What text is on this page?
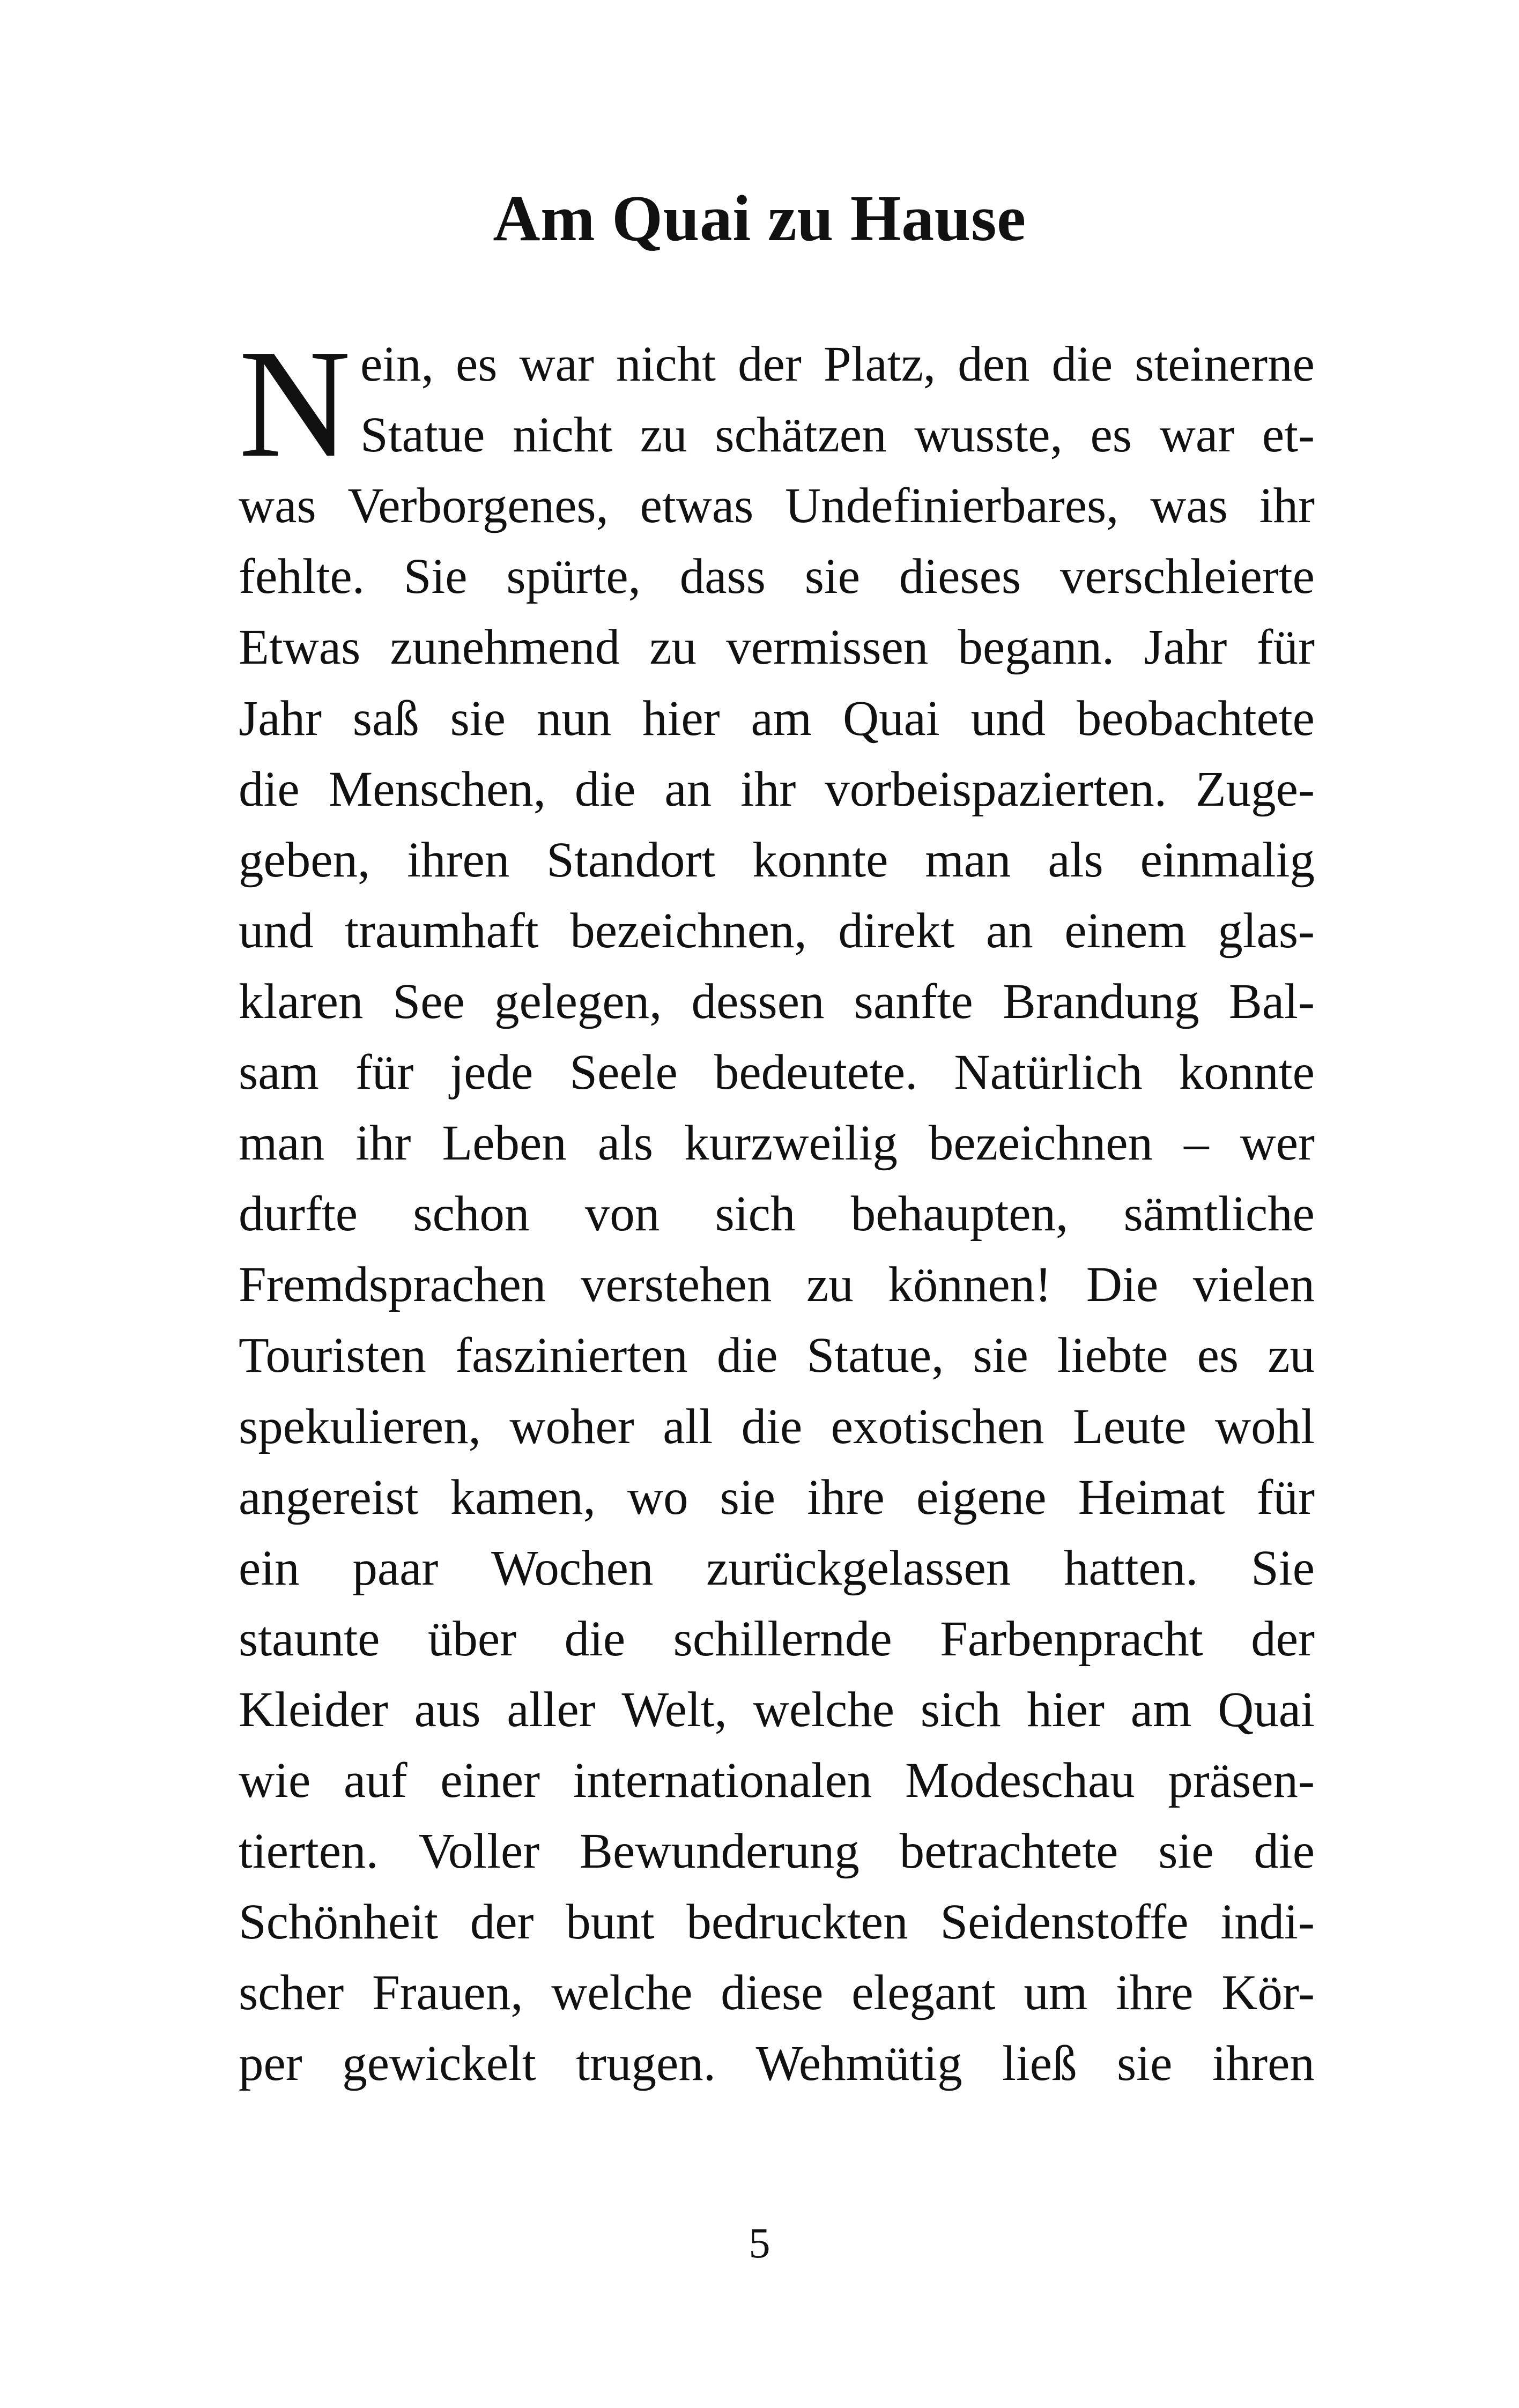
Am Quai zu Hause
N ein, es war nicht der Platz, den die steinerne
Statue nicht zu schätzen wusste, es war et-
was Verborgenes, etwas Undefinierbares, was ihr
fehlte. Sie spürte, dass sie dieses verschleierte
Etwas zunehmend zu vermissen begann. Jahr für
Jahr saß sie nun hier am Quai und beobachtete
die Menschen, die an ihr vorbeispazierten. Zuge-
geben, ihren Standort konnte man als einmalig
und traumhaft bezeichnen, direkt an einem glas-
klaren See gelegen, dessen sanfte Brandung Bal-
sam für jede Seele bedeutete. Natürlich konnte
man ihr Leben als kurzweilig bezeichnen – wer
durfte schon von sich behaupten, sämtliche
Fremdsprachen verstehen zu können! Die vielen
Touristen faszinierten die Statue, sie liebte es zu
spekulieren, woher all die exotischen Leute wohl
angereist kamen, wo sie ihre eigene Heimat für
ein paar Wochen zurückgelassen hatten. Sie
staunte über die schillernde Farbenpracht der
Kleider aus aller Welt, welche sich hier am Quai
wie auf einer internationalen Modeschau präsen-
tierten. Voller Bewunderung betrachtete sie die
Schönheit der bunt bedruckten Seidenstoffe indi-
scher Frauen, welche diese elegant um ihre Kör-
per gewickelt trugen. Wehmütig ließ sie ihren
5
